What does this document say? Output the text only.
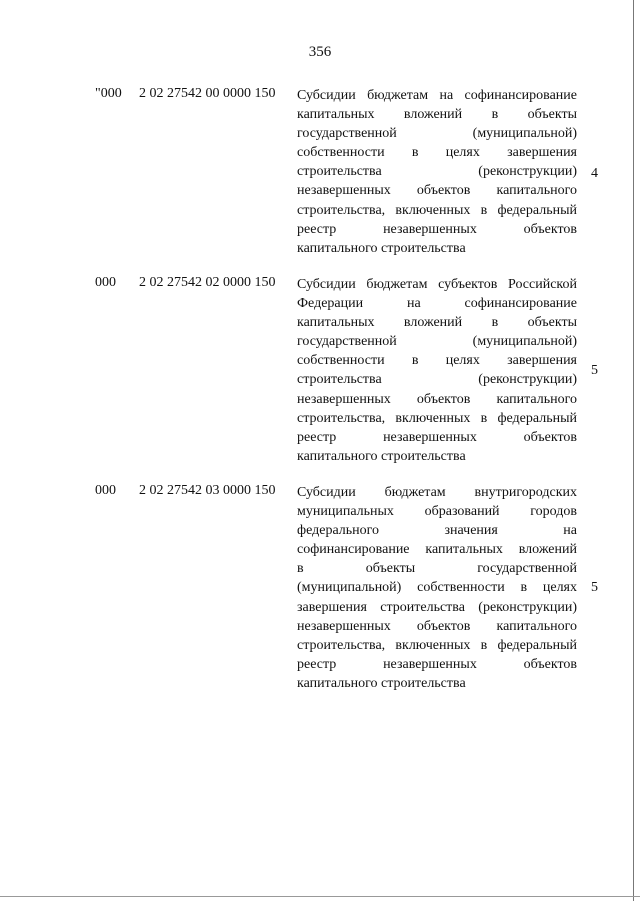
356
"000 2 02 27542 00 0000 150 Субсидии бюджетам на софинансирование
капитальных вложений в объекты
государственной (муниципальной)
собственности в целях завершения
строительства (реконструкции)
незавершенных объектов капитального
строительства, включенных в федеральный
реестр незавершенных объектов
капитального строительства
4
000 2 02 27542 02 0000 150 Субсидии бюджетам субъектов Российской
Федерации на софинансирование
капитальных вложений в объекты
государственной (муниципальной)
собственности в целях завершения
строительства (реконструкции)
незавершенных объектов капитального
строительства, включенных в федеральный
реестр незавершенных объектов
капитального строительства
5
000 2 02 27542 03 0000 150 Субсидии бюджетам внутригородских
муниципальных образований городов
федерального значения на
софинансирование капитальных вложений
в объекты государственной
(муниципальной) собственности в целях
завершения строительства (реконструкции)
незавершенных объектов капитального
строительства, включенных в федеральный
реестр незавершенных объектов
капитального строительства
5
